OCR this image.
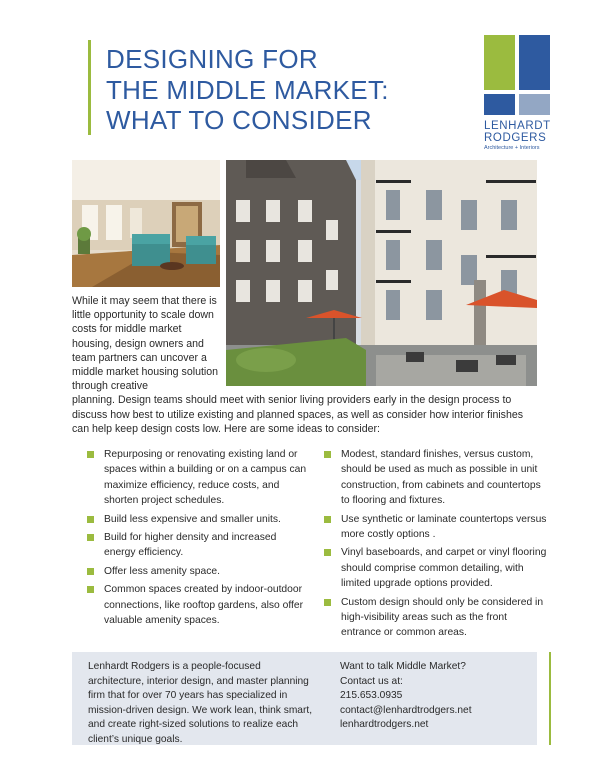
DESIGNING FOR
THE MIDDLE MARKET:
WHAT TO CONSIDER	LENHARDT
RODGERS
Architecture + Interiors
While it may seem that there is little opportunity to scale down costs for middle market housing, design owners and team partners can uncover a middle market housing solution through creative
planning. Design teams should meet with senior living providers early in the design process to discuss how best to utilize existing and planned spaces, as well as consider how interior finishes can help keep design costs low. Here are some ideas to consider:
Repurposing or renovating existing land or spaces within a building or on a campus can maximize efficiency, reduce costs, and shorten project schedules.
Build less expensive and smaller units.
Build for higher density and increased energy efficiency.
Offer less amenity space.
Common spaces created by indoor-outdoor connections, like rooftop gardens, also offer valuable amenity spaces.
Modest, standard finishes, versus custom, should be used as much as possible in unit construction, from cabinets and countertops to flooring and fixtures.
Use synthetic or laminate countertops versus more costly options .
Vinyl baseboards, and carpet or vinyl flooring should comprise common detailing, with limited upgrade options provided.
Custom design should only be considered in high-visibility areas such as the front entrance or common areas.
Lenhardt Rodgers is a people-focused architecture, interior design, and master planning firm that for over 70 years has specialized in mission-driven design. We work lean, think smart, and create right-sized solutions to realize each client’s unique goals.
Want to talk Middle Market?
Contact us at:
215.653.0935
contact@lenhardtrodgers.net
lenhardtrodgers.net
